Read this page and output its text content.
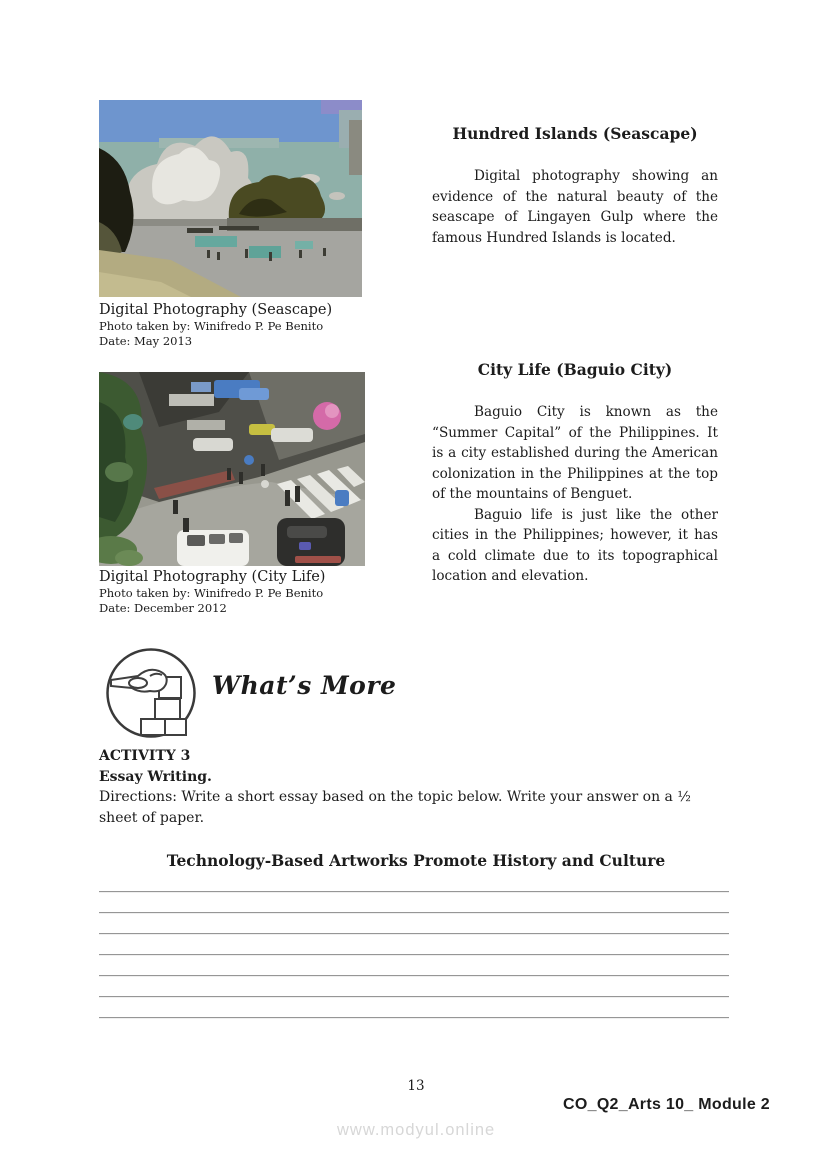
Digital Photography (Seascape)
Photo taken by: Winifredo P. Pe Benito
Date: May 2013
Hundred Islands (Seascape)

Digital photography showing an evidence of the natural beauty of the seascape of Lingayen Gulp where the famous Hundred Islands is located.

Digital Photography (City Life)
Photo taken by: Winifredo P. Pe Benito
Date: December 2012
City Life (Baguio City)

Baguio City is known as the “Summer Capital” of the Philippines. It is a city established during the American colonization in the Philippines at the top of the mountains of Benguet.

Baguio life is just like the other cities in the Philippines; however, it has a cold climate due to its topographical location and elevation.

What’s More
ACTIVITY 3
Essay Writing.
Directions: Write a short essay based on the topic below. Write your answer on a ½ sheet of paper.
Technology-Based Artworks Promote History and Culture
__________________________________________________________________________________________
__________________________________________________________________________________________
__________________________________________________________________________________________
__________________________________________________________________________________________
__________________________________________________________________________________________
__________________________________________________________________________________________
__________________________________________________________________________________________
13
CO_Q2_Arts 10_ Module 2
www.modyul.online
